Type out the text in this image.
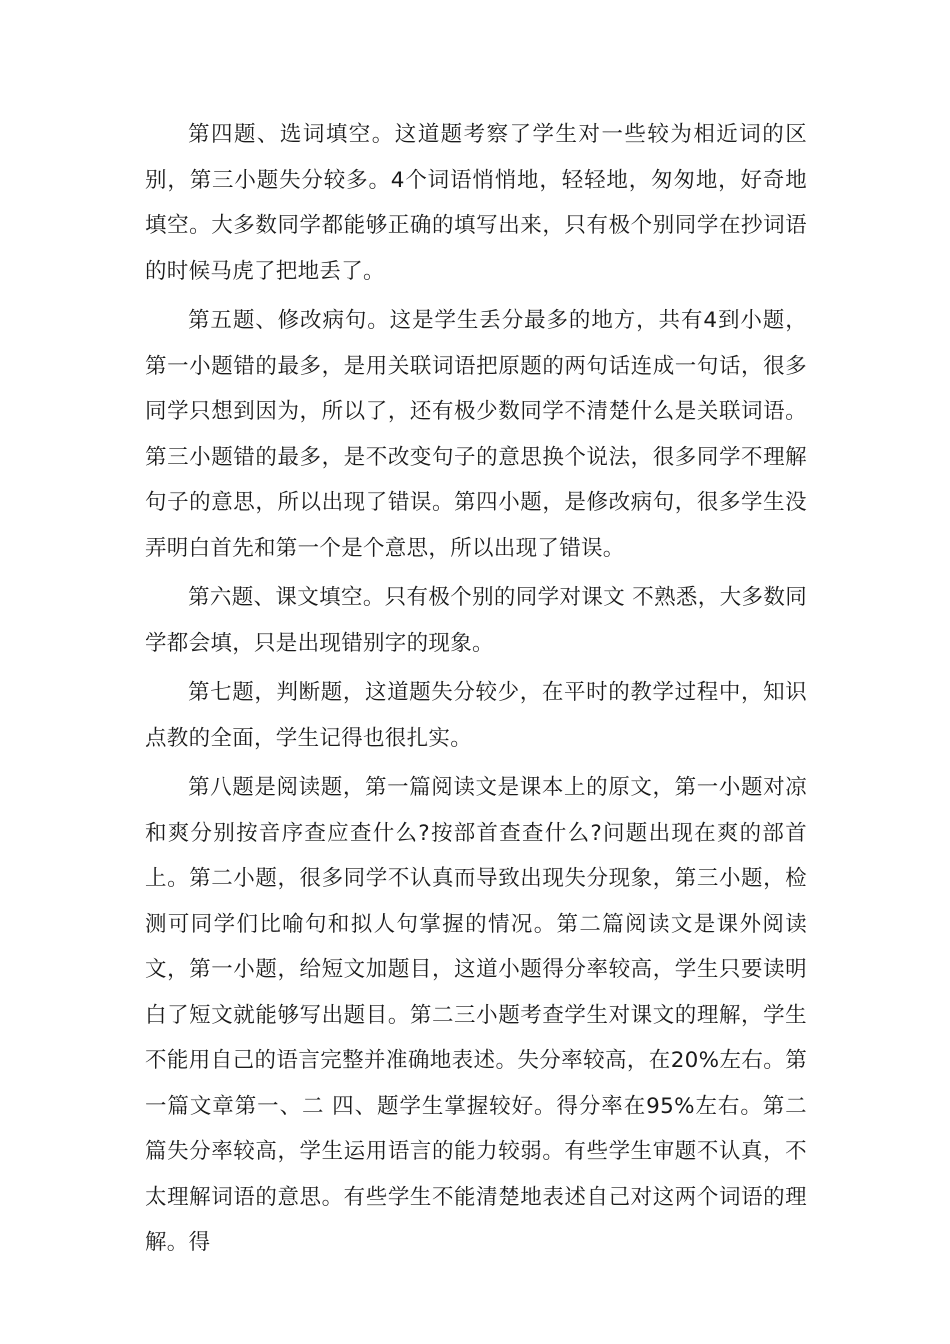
第四题、选词填空。这道题考察了学生对一些较为相近词的区别，第三小题失分较多。4个词语悄悄地，轻轻地，匆匆地，好奇地填空。大多数同学都能够正确的填写出来，只有极个别同学在抄词语的时候马虎了把地丢了。

第五题、修改病句。这是学生丢分最多的地方，共有4到小题，第一小题错的最多，是用关联词语把原题的两句话连成一句话，很多同学只想到因为，所以了，还有极少数同学不清楚什么是关联词语。第三小题错的最多，是不改变句子的意思换个说法，很多同学不理解句子的意思，所以出现了错误。第四小题，是修改病句，很多学生没弄明白首先和第一个是个意思，所以出现了错误。

第六题、课文填空。只有极个别的同学对课文 不熟悉，大多数同学都会填，只是出现错别字的现象。

第七题，判断题，这道题失分较少，在平时的教学过程中，知识点教的全面，学生记得也很扎实。

第八题是阅读题，第一篇阅读文是课本上的原文，第一小题对凉和爽分别按音序查应查什么?按部首查查什么?问题出现在爽的部首上。第二小题，很多同学不认真而导致出现失分现象，第三小题，检测可同学们比喻句和拟人句掌握的情况。第二篇阅读文是课外阅读文，第一小题，给短文加题目，这道小题得分率较高，学生只要读明白了短文就能够写出题目。第二三小题考查学生对课文的理解，学生不能用自己的语言完整并准确地表述。失分率较高，在20%左右。第一篇文章第一、二 四、题学生掌握较好。得分率在95%左右。第二篇失分率较高，学生运用语言的能力较弱。有些学生审题不认真，不太理解词语的意思。有些学生不能清楚地表述自己对这两个词语的理解。得
